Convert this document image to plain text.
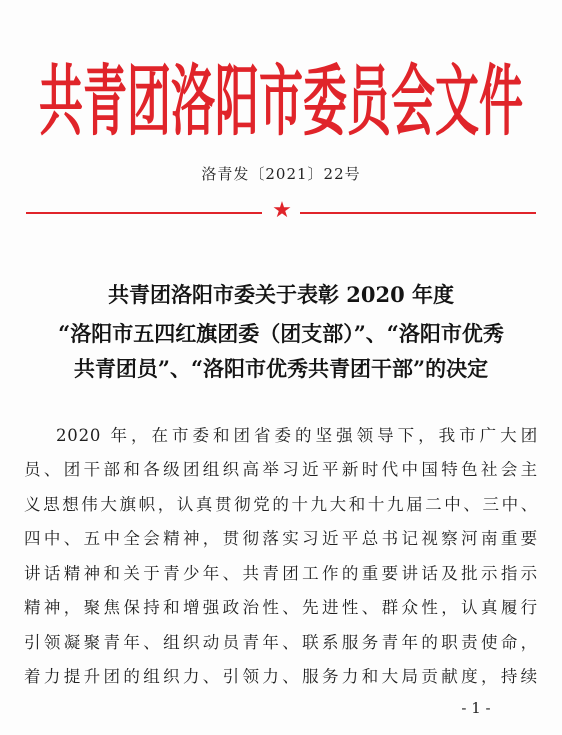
共青团洛阳市委员会文件
洛青发〔2021〕22号
★
共青团洛阳市委关于表彰 2020 年度
“洛阳市五四红旗团委（团支部）”、“洛阳市优秀
共青团员”、“洛阳市优秀共青团干部”的决定
2020 年，在市委和团省委的坚强领导下，我市广大团
员、团干部和各级团组织高举习近平新时代中国特色社会主
义思想伟大旗帜，认真贯彻党的十九大和十九届二中、三中、
四中、五中全会精神，贯彻落实习近平总书记视察河南重要
讲话精神和关于青少年、共青团工作的重要讲话及批示指示
精神，聚焦保持和增强政治性、先进性、群众性，认真履行
引领凝聚青年、组织动员青年、联系服务青年的职责使命，
着力提升团的组织力、引领力、服务力和大局贡献度，持续
- 1 -
